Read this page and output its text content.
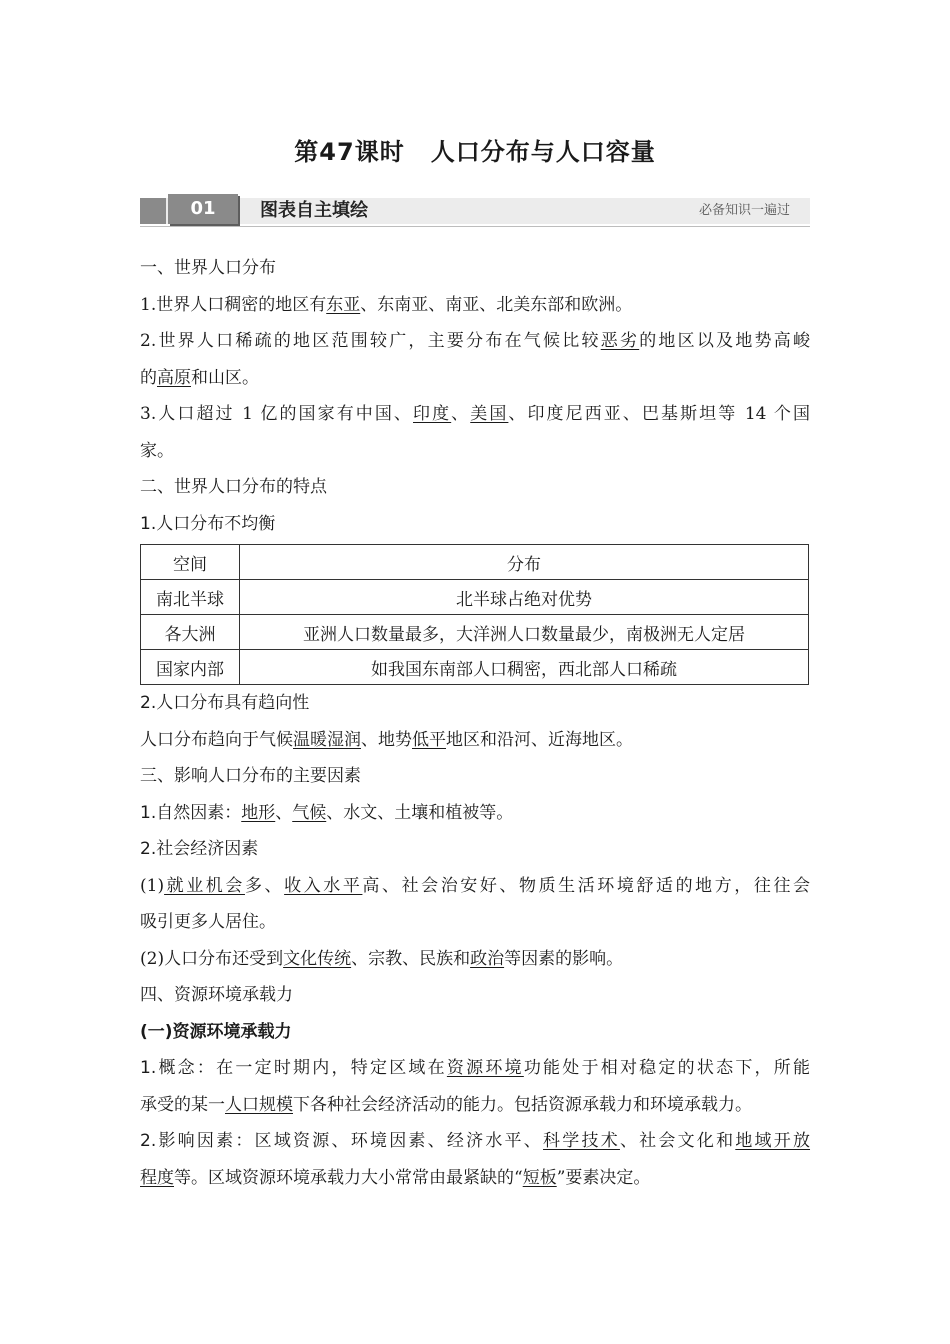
第47课时 人口分布与人口容量
01	图表自主填绘	必备知识一遍过
一、世界人口分布
1.世界人口稠密的地区有东亚、东南亚、南亚、北美东部和欧洲。
2.世界人口稀疏的地区范围较广，主要分布在气候比较恶劣的地区以及地势高峻
的高原和山区。
3.人口超过 1 亿的国家有中国、印度、美国、印度尼西亚、巴基斯坦等 14 个国
家。
二、世界人口分布的特点
1.人口分布不均衡
空间	分布
南北半球	北半球占绝对优势
各大洲	亚洲人口数量最多，大洋洲人口数量最少，南极洲无人定居
国家内部	如我国东南部人口稠密，西北部人口稀疏
2.人口分布具有趋向性
人口分布趋向于气候温暖湿润、地势低平地区和沿河、近海地区。
三、影响人口分布的主要因素
1.自然因素：地形、气候、水文、土壤和植被等。
2.社会经济因素
(1)就业机会多、收入水平高、社会治安好、物质生活环境舒适的地方，往往会
吸引更多人居住。
(2)人口分布还受到文化传统、宗教、民族和政治等因素的影响。
四、资源环境承载力
(一)资源环境承载力
1.概念：在一定时期内，特定区域在资源环境功能处于相对稳定的状态下，所能
承受的某一人口规模下各种社会经济活动的能力。包括资源承载力和环境承载力。
2.影响因素：区域资源、环境因素、经济水平、科学技术、社会文化和地域开放
程度等。区域资源环境承载力大小常常由最紧缺的“短板”要素决定。
